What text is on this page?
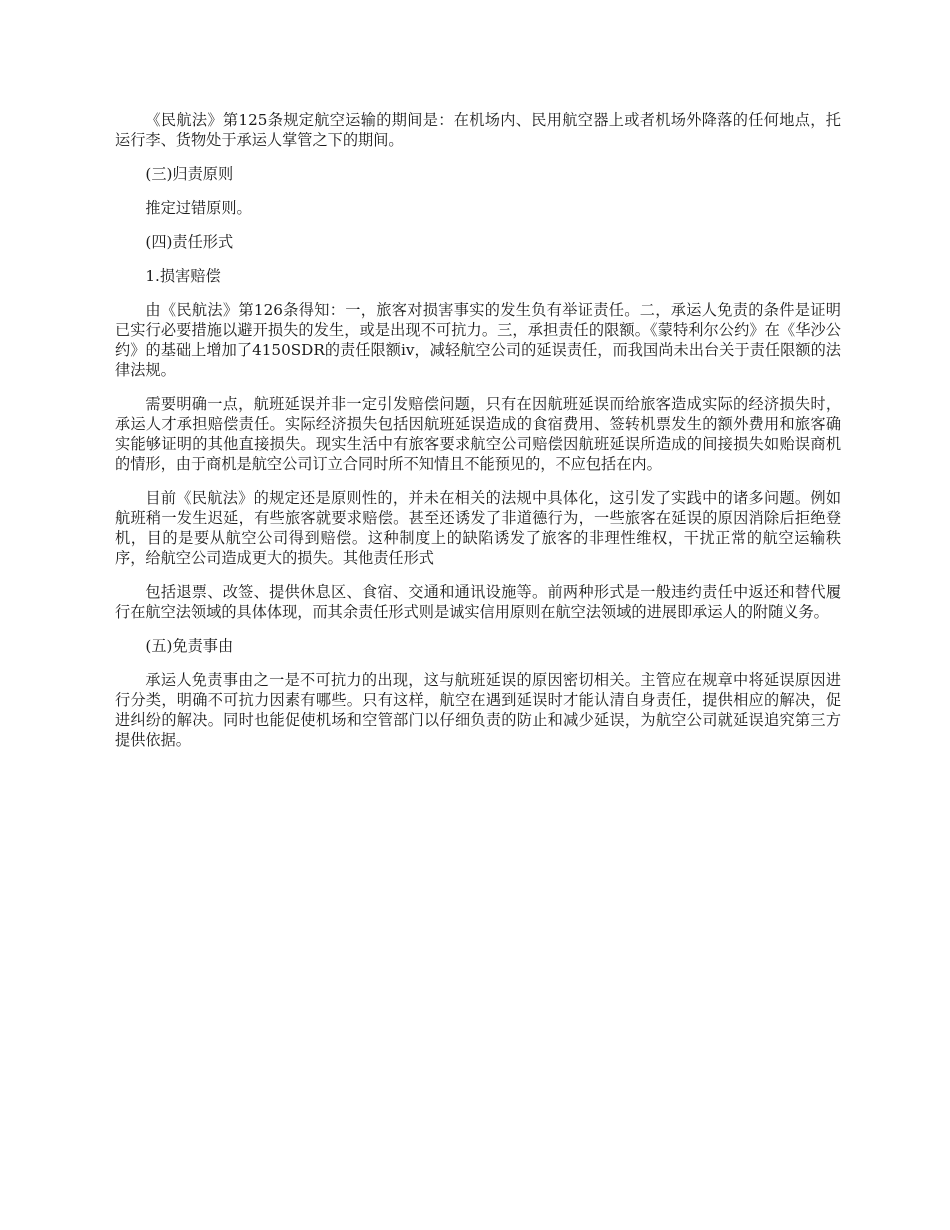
《民航法》第125条规定航空运输的期间是：在机场内、民用航空器上或者机场外降落的任何地点，托运行李、货物处于承运人掌管之下的期间。

(三)归责原则

推定过错原则。

(四)责任形式

1.损害赔偿

由《民航法》第126条得知：一，旅客对损害事实的发生负有举证责任。二，承运人免责的条件是证明已实行必要措施以避开损失的发生，或是出现不可抗力。三，承担责任的限额。《蒙特利尔公约》在《华沙公约》的基础上增加了4150SDR的责任限额iv，减轻航空公司的延误责任，而我国尚未出台关于责任限额的法律法规。

需要明确一点，航班延误并非一定引发赔偿问题，只有在因航班延误而给旅客造成实际的经济损失时，承运人才承担赔偿责任。实际经济损失包括因航班延误造成的食宿费用、签转机票发生的额外费用和旅客确实能够证明的其他直接损失。现实生活中有旅客要求航空公司赔偿因航班延误所造成的间接损失如贻误商机的情形，由于商机是航空公司订立合同时所不知情且不能预见的，不应包括在内。

目前《民航法》的规定还是原则性的，并未在相关的法规中具体化，这引发了实践中的诸多问题。例如航班稍一发生迟延，有些旅客就要求赔偿。甚至还诱发了非道德行为，一些旅客在延误的原因消除后拒绝登机，目的是要从航空公司得到赔偿。这种制度上的缺陷诱发了旅客的非理性维权，干扰正常的航空运输秩序，给航空公司造成更大的损失。其他责任形式

包括退票、改签、提供休息区、食宿、交通和通讯设施等。前两种形式是一般违约责任中返还和替代履行在航空法领域的具体体现，而其余责任形式则是诚实信用原则在航空法领域的进展即承运人的附随义务。

(五)免责事由

承运人免责事由之一是不可抗力的出现，这与航班延误的原因密切相关。主管应在规章中将延误原因进行分类，明确不可抗力因素有哪些。只有这样，航空在遇到延误时才能认清自身责任，提供相应的解决，促进纠纷的解决。同时也能促使机场和空管部门以仔细负责的防止和减少延误，为航空公司就延误追究第三方提供依据。
